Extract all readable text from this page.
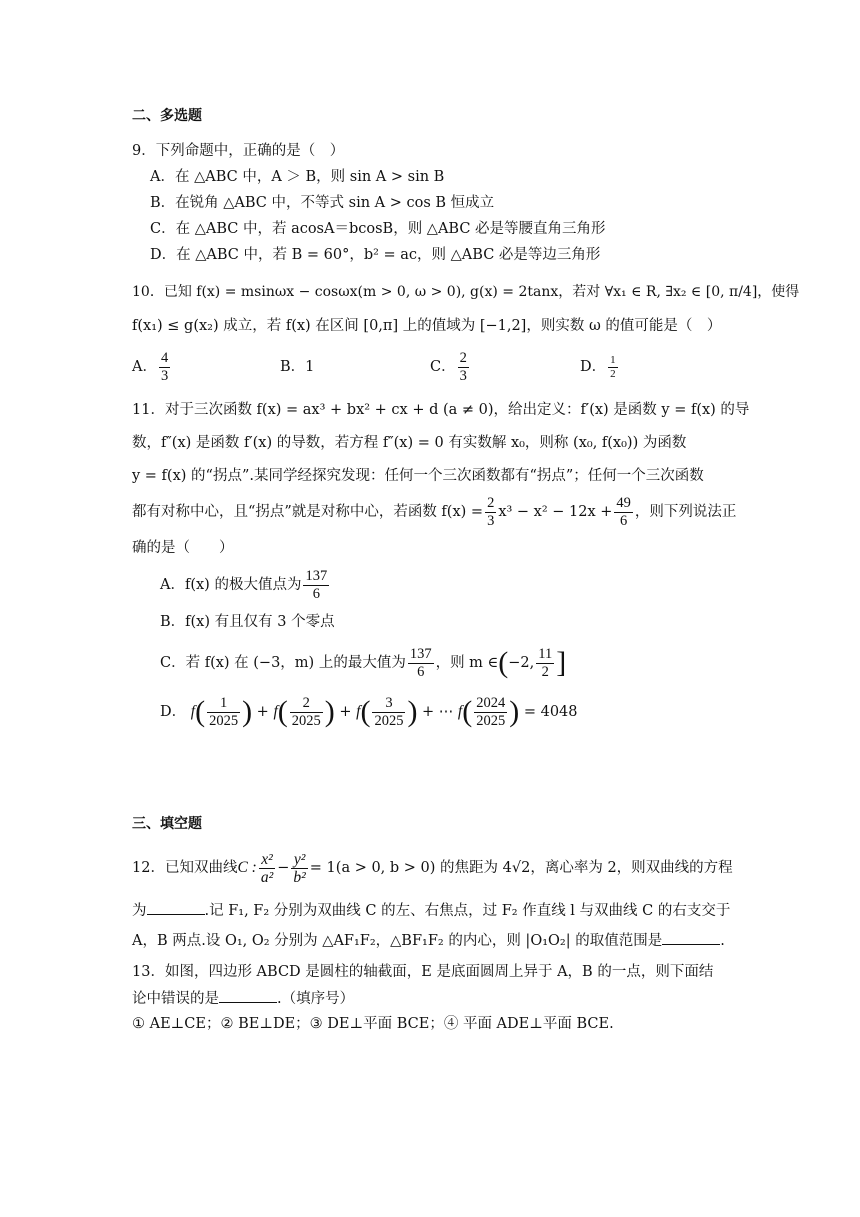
二、多选题
9．下列命题中，正确的是（　）
A．在 △ABC 中，A ＞ B，则 sin A > sin B
B．在锐角 △ABC 中，不等式 sin A > cos B 恒成立
C．在 △ABC 中，若 acosA＝bcosB，则 △ABC 必是等腰直角三角形
D．在 △ABC 中，若 B = 60°，b² = ac，则 △ABC 必是等边三角形
10．已知 f(x) = msinωx − cosωx(m > 0, ω > 0), g(x) = 2tanx，若对 ∀x₁ ∈ R, ∃x₂ ∈ [0, π/4]，使得
f(x₁) ≤ g(x₂) 成立，若 f(x) 在区间 [0,π] 上的值域为 [−1,2]，则实数 ω 的值可能是（　）
A． $\frac{4}{3}$	B．1	C． $\frac{2}{3}$	D． $\frac{1}{2}$
11．对于三次函数 f(x) = ax³ + bx² + cx + d (a ≠ 0)，给出定义：f′(x) 是函数 y = f(x) 的导
数，f″(x) 是函数 f′(x) 的导数，若方程 f″(x) = 0 有实数解 x₀，则称 (x₀, f(x₀)) 为函数
y = f(x) 的“拐点”.某同学经探究发现：任何一个三次函数都有“拐点”；任何一个三次函数
都有对称中心，且“拐点”就是对称中心，若函数 $f(x) = \frac{2}{3} x^3 - x^2 - 12x + \frac{49}{6}$ ，则下列说法正
确的是（　　）
A．f(x) 的极大值点为 $\frac{137}{6}$
B．f(x) 有且仅有 3 个零点
C．若 f(x) 在 (−3，m) 上的最大值为 $\frac{137}{6}$ ，则 m ∈(−2, $\frac{11}{2}$ ]
D． $f( \frac{1}{2025}$ ) + $f( \frac{2}{2025}$ ) + $f( \frac{3}{2025}$ ) + ⋯ $f( \frac{2024}{2025}$ ) = 4048
三、填空题
12．已知双曲线C : $\frac{\text{x²}}{\text{a²}} - \frac{\text{y²}}{\text{b²}} = 1(a > 0$, b > 0) 的焦距为 4√2，离心率为 2，则双曲线的方程
为	.记 F₁, F₂ 分别为双曲线 C 的左、右焦点，过 F₂ 作直线 l 与双曲线 C 的右支交于
A，B 两点.设 O₁, O₂ 分别为 △AF₁F₂，△BF₁F₂ 的内心，则 |O₁O₂| 的取值范围是	.
13．如图，四边形 ABCD 是圆柱的轴截面，E 是底面圆周上异于 A，B 的一点，则下面结
论中错误的是	.（填序号）
① AE⊥CE；② BE⊥DE；③ DE⊥平面 BCE；④ 平面 ADE⊥平面 BCE.
